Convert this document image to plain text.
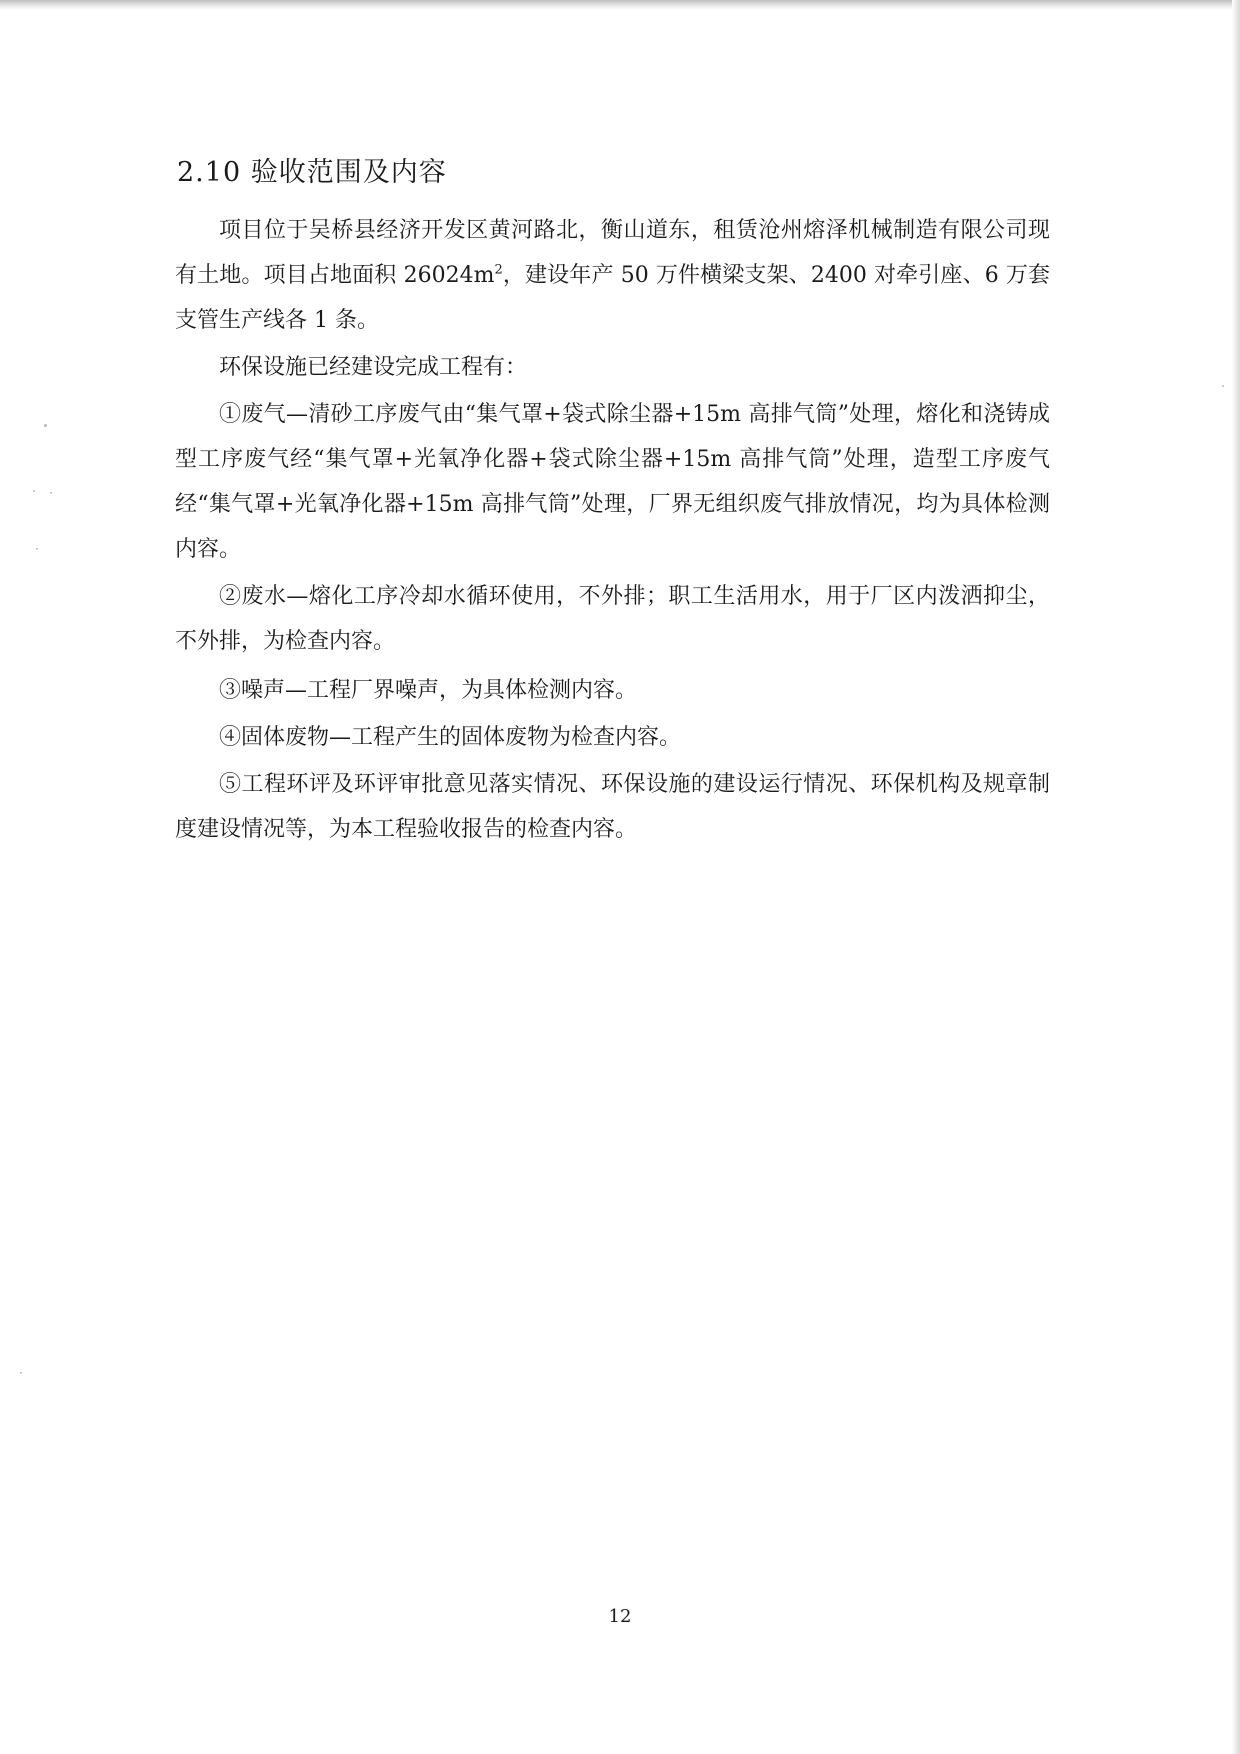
2.10 验收范围及内容

项目位于吴桥县经济开发区黄河路北，衡山道东，租赁沧州熔泽机械制造有限公司现有土地。项目占地面积 $26024m^2$，建设年产 50 万件横梁支架、2400 对牵引座、6 万套支管生产线各 1 条。

环保设施已经建设完成工程有：

①废气—清砂工序废气由“集气罩+袋式除尘器+15m 高排气筒”处理，熔化和浇铸成型工序废气经“集气罩+光氧净化器+袋式除尘器+15m 高排气筒”处理，造型工序废气经“集气罩+光氧净化器+15m 高排气筒”处理，厂界无组织废气排放情况，均为具体检测内容。

②废水—熔化工序冷却水循环使用，不外排；职工生活用水，用于厂区内泼洒抑尘，不外排，为检查内容。

③噪声—工程厂界噪声，为具体检测内容。

④固体废物—工程产生的固体废物为检查内容。

⑤工程环评及环评审批意见落实情况、环保设施的建设运行情况、环保机构及规章制度建设情况等，为本工程验收报告的检查内容。

12
